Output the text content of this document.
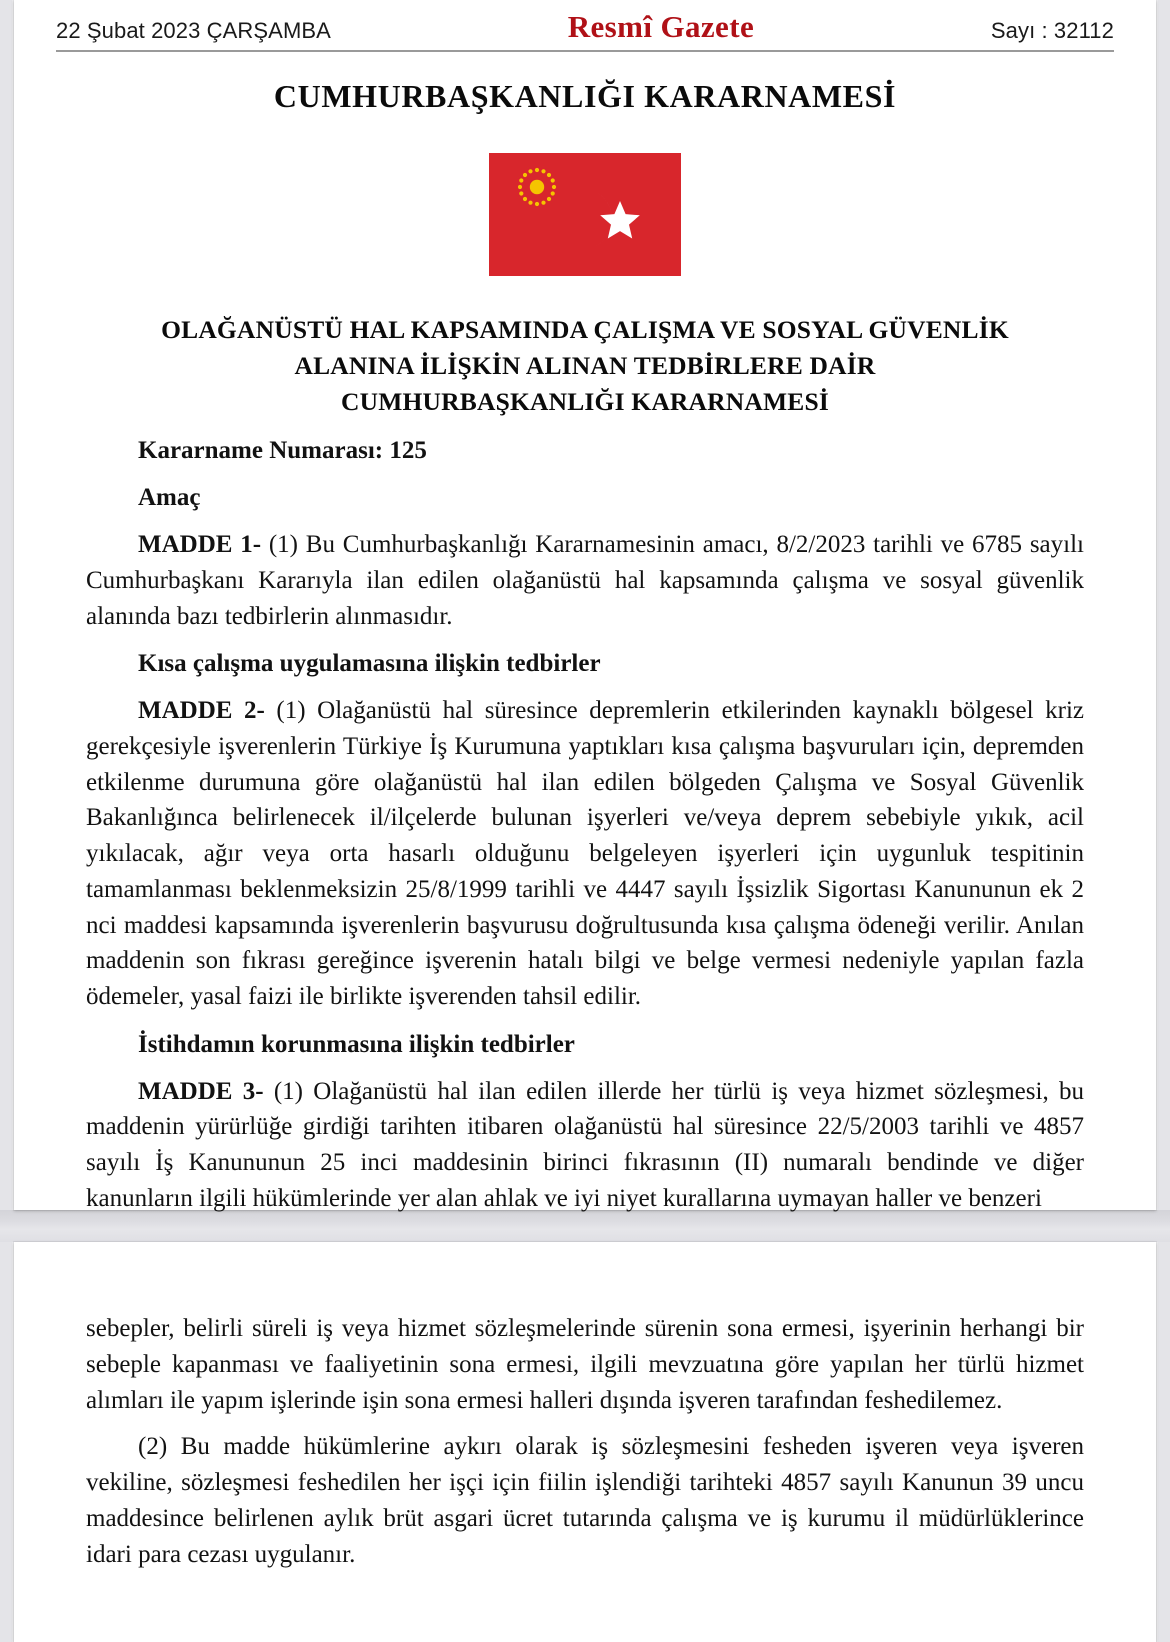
22 Şubat 2023 ÇARŞAMBA	Resmî Gazete	Sayı : 32112
CUMHURBAŞKANLIĞI KARARNAMESİ
OLAĞANÜSTÜ HAL KAPSAMINDA ÇALIŞMA VE SOSYAL GÜVENLİK
ALANINA İLİŞKİN ALINAN TEDBİRLERE DAİR
CUMHURBAŞKANLIĞI KARARNAMESİ

Kararname Numarası: 125

Amaç

MADDE 1- (1) Bu Cumhurbaşkanlığı Kararnamesinin amacı, 8/2/2023 tarihli ve 6785 sayılı Cumhurbaşkanı Kararıyla ilan edilen olağanüstü hal kapsamında çalışma ve sosyal güvenlik alanında bazı tedbirlerin alınmasıdır.

Kısa çalışma uygulamasına ilişkin tedbirler

MADDE 2- (1) Olağanüstü hal süresince depremlerin etkilerinden kaynaklı bölgesel kriz gerekçesiyle işverenlerin Türkiye İş Kurumuna yaptıkları kısa çalışma başvuruları için, depremden etkilenme durumuna göre olağanüstü hal ilan edilen bölgeden Çalışma ve Sosyal Güvenlik Bakanlığınca belirlenecek il/ilçelerde bulunan işyerleri ve/veya deprem sebebiyle yıkık, acil yıkılacak, ağır veya orta hasarlı olduğunu belgeleyen işyerleri için uygunluk tespitinin tamamlanması beklenmeksizin 25/8/1999 tarihli ve 4447 sayılı İşsizlik Sigortası Kanununun ek 2 nci maddesi kapsamında işverenlerin başvurusu doğrultusunda kısa çalışma ödeneği verilir. Anılan maddenin son fıkrası gereğince işverenin hatalı bilgi ve belge vermesi nedeniyle yapılan fazla ödemeler, yasal faizi ile birlikte işverenden tahsil edilir.

İstihdamın korunmasına ilişkin tedbirler

MADDE 3- (1) Olağanüstü hal ilan edilen illerde her türlü iş veya hizmet sözleşmesi, bu maddenin yürürlüğe girdiği tarihten itibaren olağanüstü hal süresince 22/5/2003 tarihli ve 4857 sayılı İş Kanununun 25 inci maddesinin birinci fıkrasının (II) numaralı bendinde ve diğer kanunların ilgili hükümlerinde yer alan ahlak ve iyi niyet kurallarına uymayan haller ve benzeri

sebepler, belirli süreli iş veya hizmet sözleşmelerinde sürenin sona ermesi, işyerinin herhangi bir sebeple kapanması ve faaliyetinin sona ermesi, ilgili mevzuatına göre yapılan her türlü hizmet alımları ile yapım işlerinde işin sona ermesi halleri dışında işveren tarafından feshedilemez.

(2) Bu madde hükümlerine aykırı olarak iş sözleşmesini fesheden işveren veya işveren vekiline, sözleşmesi feshedilen her işçi için fiilin işlendiği tarihteki 4857 sayılı Kanunun 39 uncu maddesince belirlenen aylık brüt asgari ücret tutarında çalışma ve iş kurumu il müdürlüklerince idari para cezası uygulanır.
